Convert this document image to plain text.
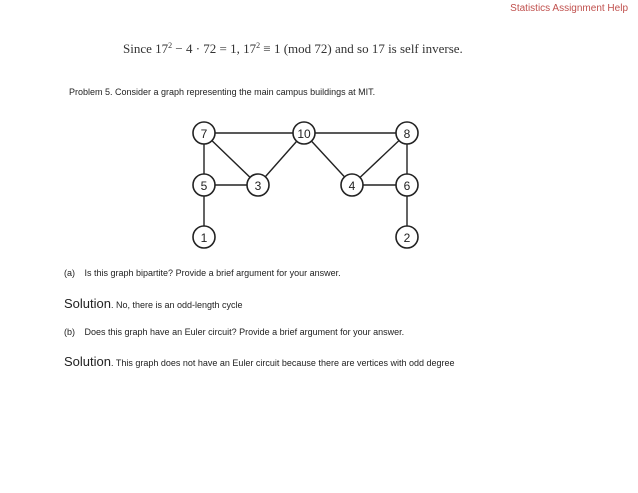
Statistics Assignment Help
Since $17^2 - 4 \cdot 72 = 1$, $17^2 \equiv 1$ (mod 72) and so 17 is self inverse.
Problem 5. Consider a graph representing the main campus buildings at MIT.
7	10	8
5	3	4	6
1	2
(a) Is this graph bipartite? Provide a brief argument for your answer.
Solution. No, there is an odd-length cycle
(b) Does this graph have an Euler circuit? Provide a brief argument for your answer.
Solution. This graph does not have an Euler circuit because there are vertices with odd degree
